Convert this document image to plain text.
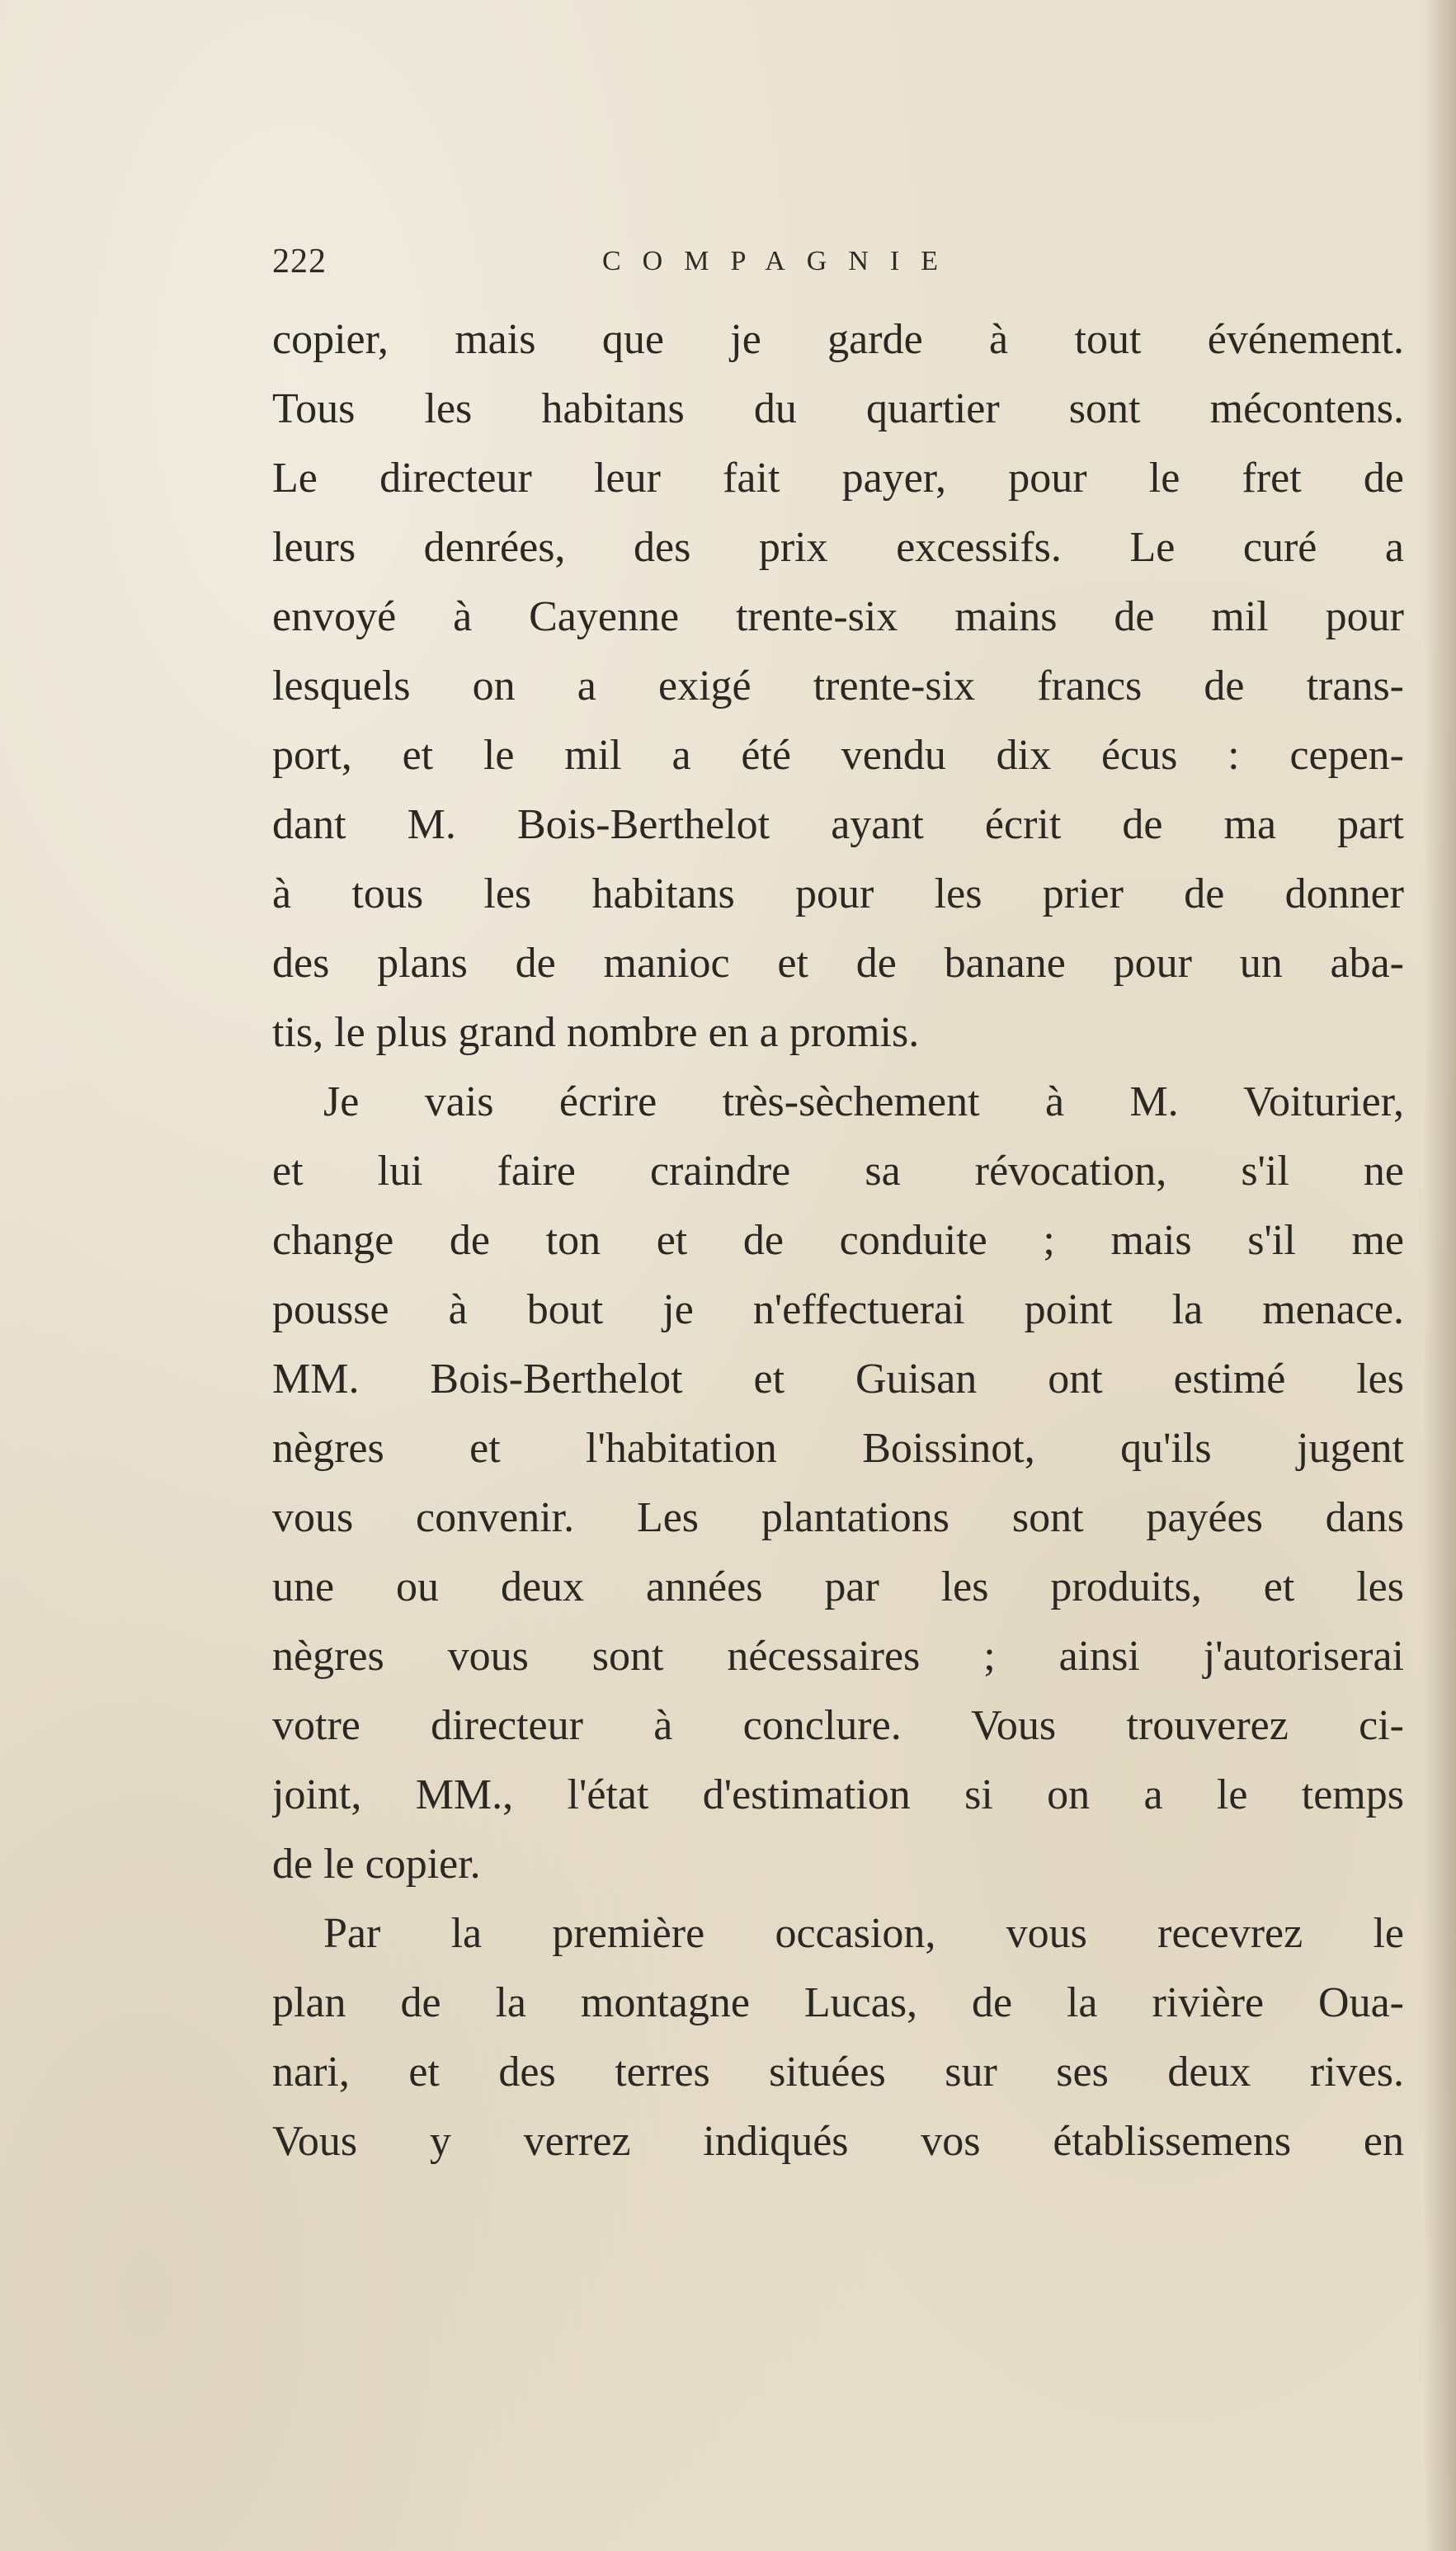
222	COMPAGNIE
copier, mais que je garde à tout événement.
Tous les habitans du quartier sont mécontens.
Le directeur leur fait payer, pour le fret de
leurs denrées, des prix excessifs. Le curé a
envoyé à Cayenne trente-six mains de mil pour
lesquels on a exigé trente-six francs de trans-
port, et le mil a été vendu dix écus : cepen-
dant M. Bois-Berthelot ayant écrit de ma part
à tous les habitans pour les prier de donner
des plans de manioc et de banane pour un aba-
tis, le plus grand nombre en a promis.
Je vais écrire très-sèchement à M. Voiturier,
et lui faire craindre sa révocation, s'il ne
change de ton et de conduite ; mais s'il me
pousse à bout je n'effectuerai point la menace.
MM. Bois-Berthelot et Guisan ont estimé les
nègres et l'habitation Boissinot, qu'ils jugent
vous convenir. Les plantations sont payées dans
une ou deux années par les produits, et les
nègres vous sont nécessaires ; ainsi j'autoriserai
votre directeur à conclure. Vous trouverez ci-
joint, MM., l'état d'estimation si on a le temps
de le copier.
Par la première occasion, vous recevrez le
plan de la montagne Lucas, de la rivière Oua-
nari, et des terres situées sur ses deux rives.
Vous y verrez indiqués vos établissemens en
